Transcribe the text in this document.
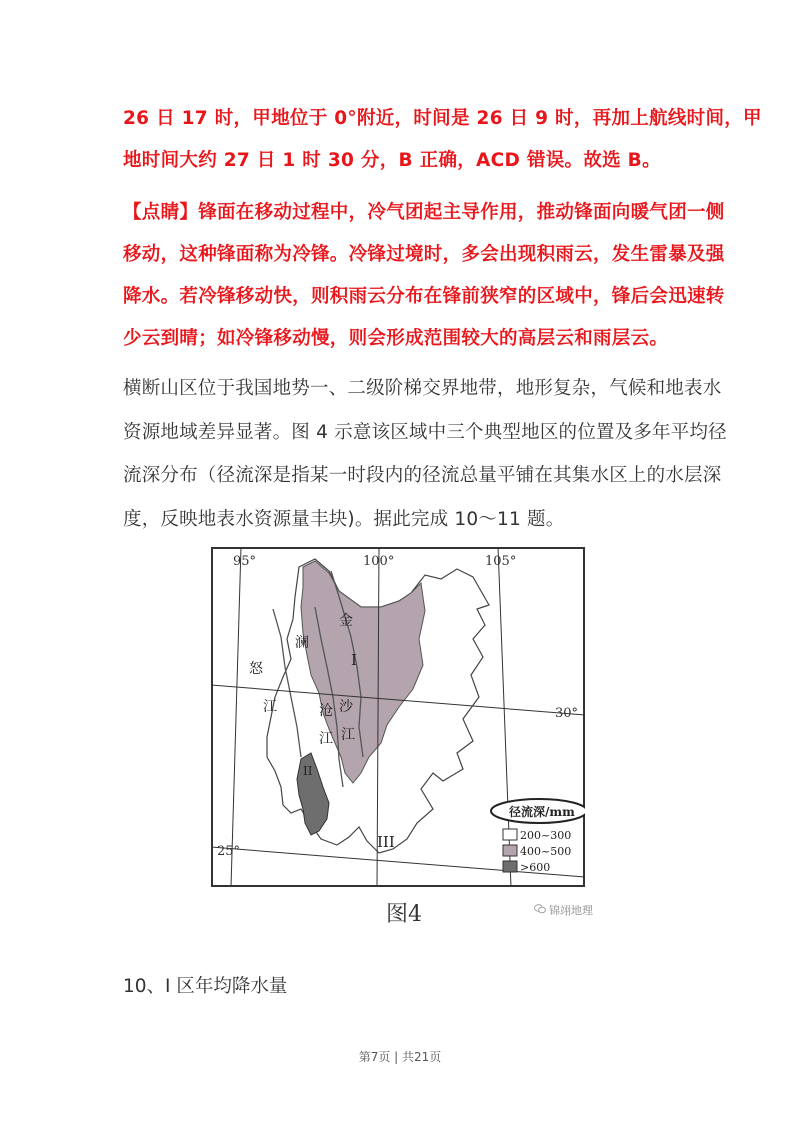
26 日 17 时，甲地位于 0°附近，时间是 26 日 9 时，再加上航线时间，甲
地时间大约 27 日 1 时 30 分，B 正确，ACD 错误。故选 B。
【点睛】锋面在移动过程中，冷气团起主导作用，推动锋面向暖气团一侧
移动，这种锋面称为冷锋。冷锋过境时，多会出现积雨云，发生雷暴及强
降水。若冷锋移动快，则积雨云分布在锋前狭窄的区域中，锋后会迅速转
少云到晴；如冷锋移动慢，则会形成范围较大的高层云和雨层云。
横断山区位于我国地势一、二级阶梯交界地带，地形复杂，气候和地表水
资源地域差异显著。图 4 示意该区域中三个典型地区的位置及多年平均径
流深分布（径流深是指某一时段内的径流总量平铺在其集水区上的水层深
度，反映地表水资源量丰块)。据此完成 10～11 题。
95°	100°	105°
30°
25°
金
沙
江
澜
沧
江
怒
江
I
II
III
径流深/mm
200~300
400~500
>600
图4	锦翊地理
10、I 区年均降水量
第7页 | 共21页
